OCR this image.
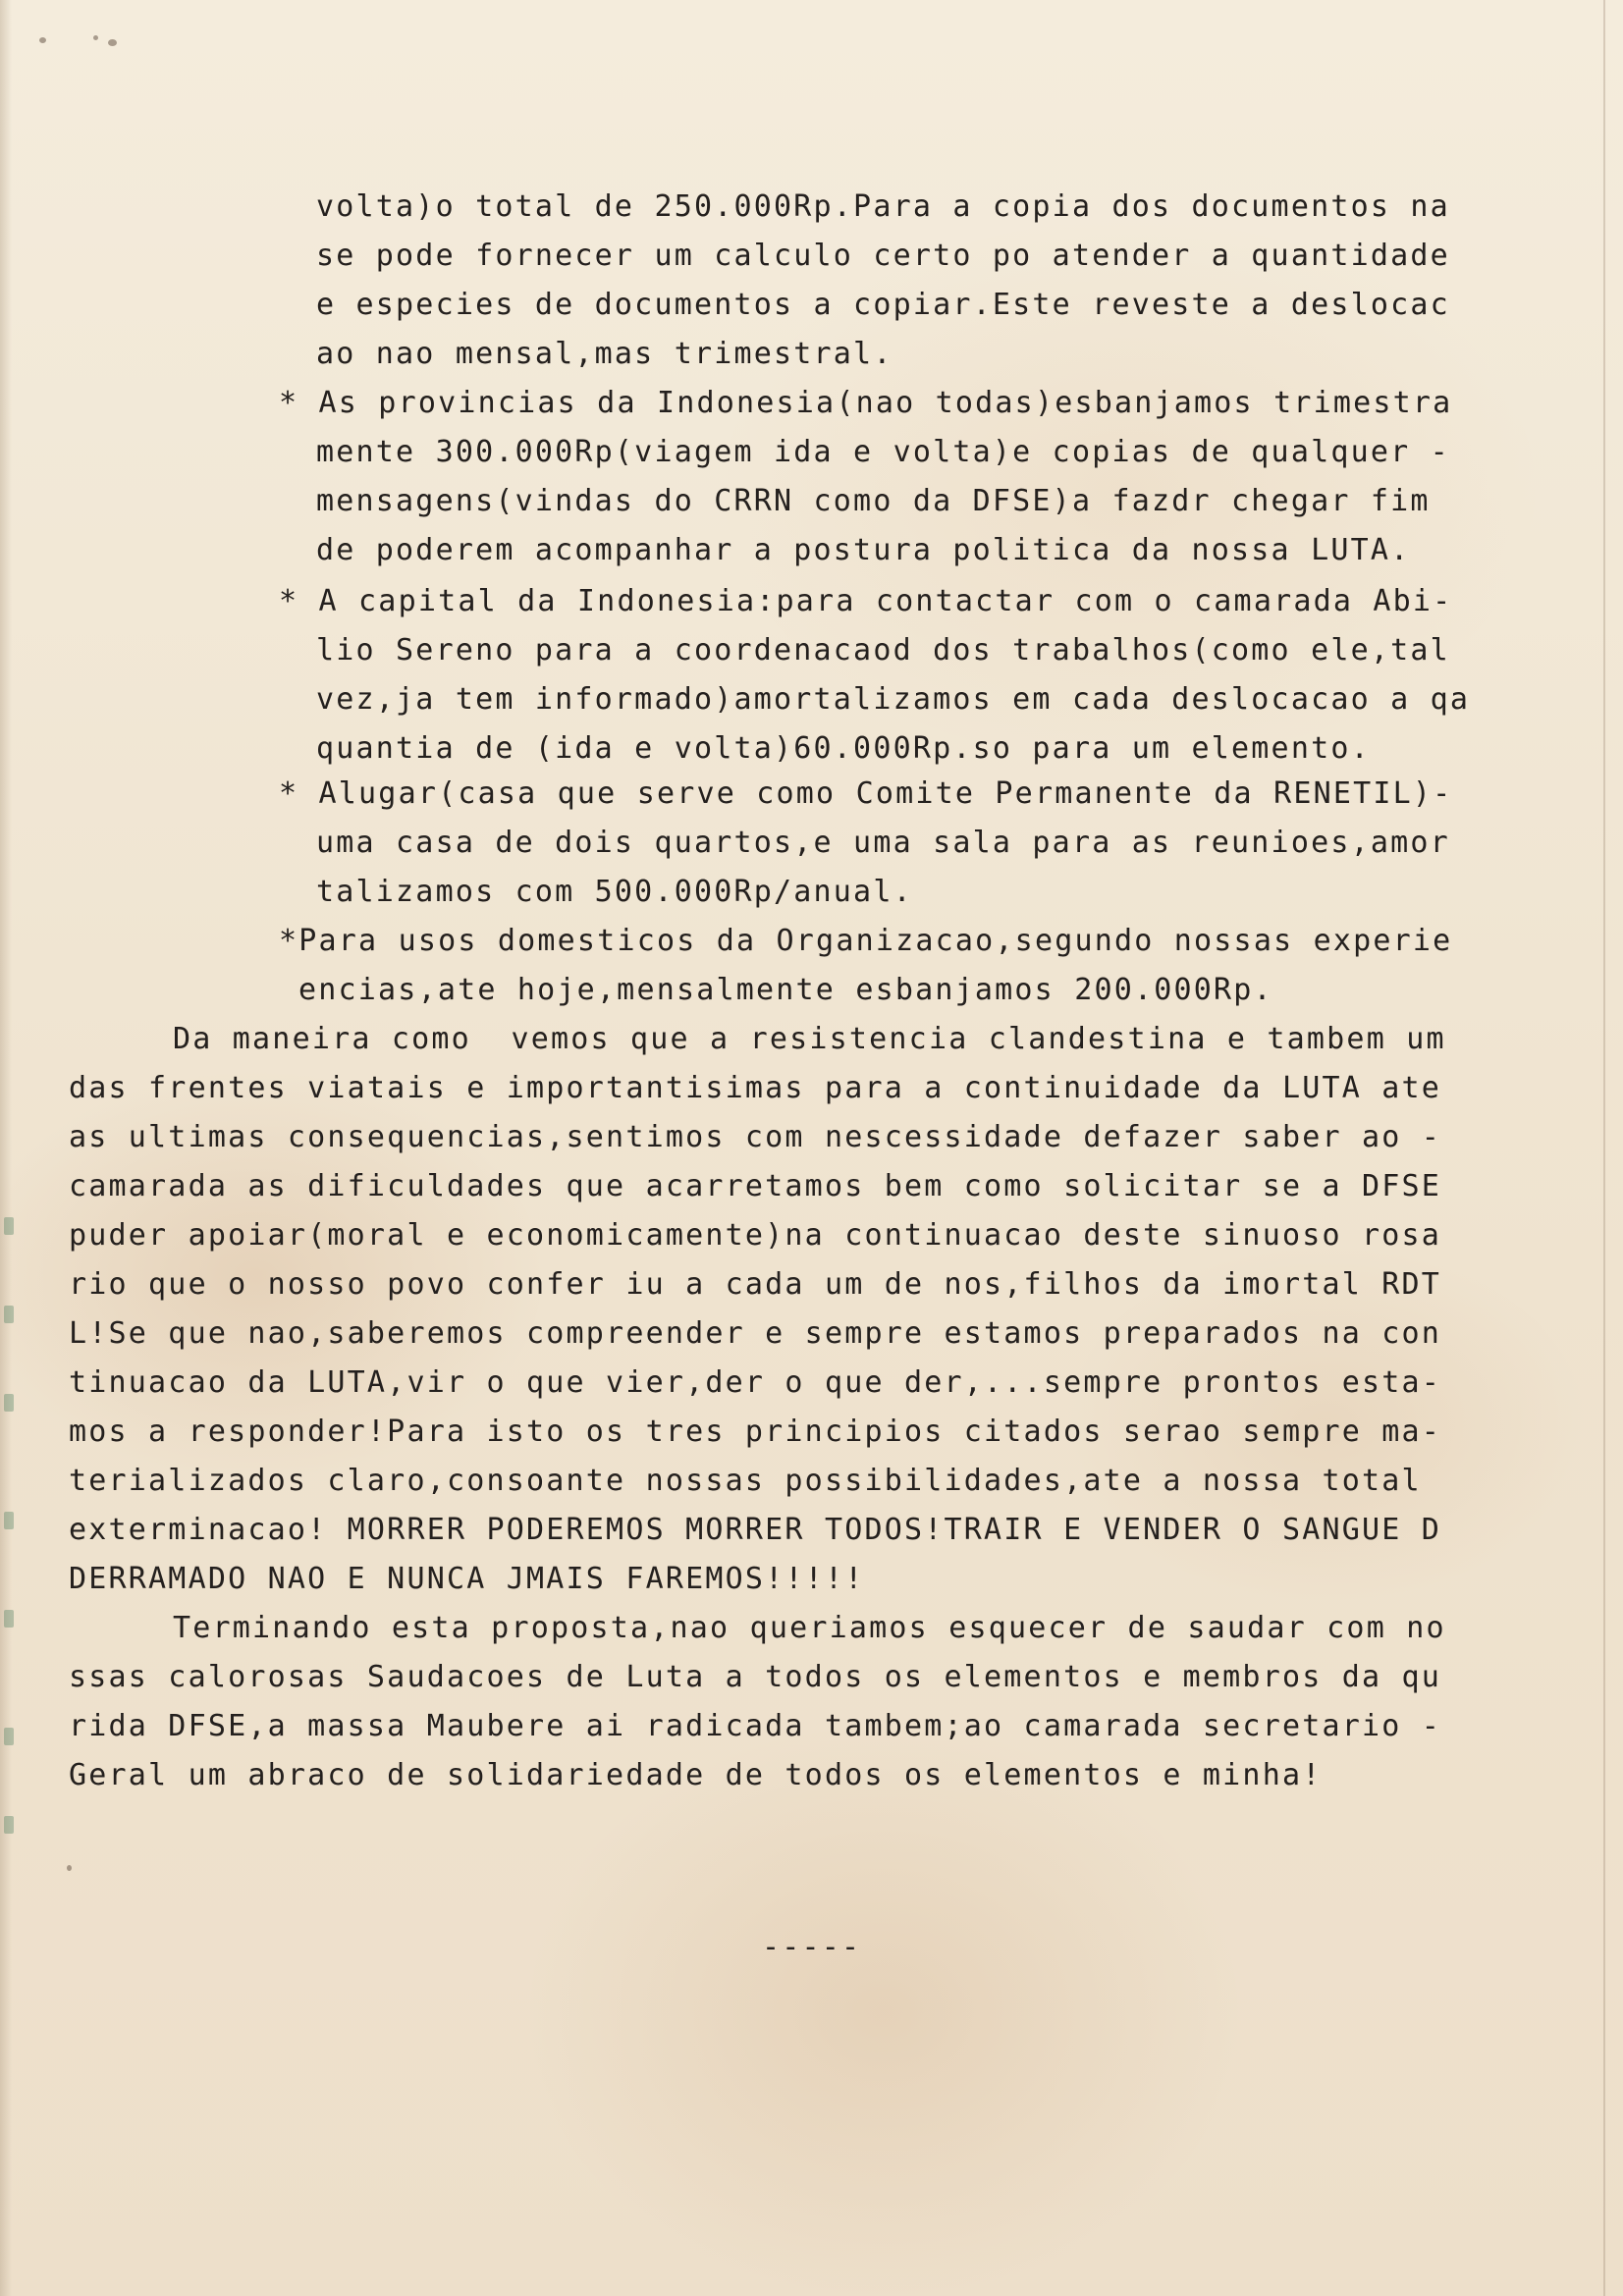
volta)o total de 250.000Rp.Para a copia dos documentos na
se pode fornecer um calculo certo po atender a quantidade
e especies de documentos a copiar.Este reveste a deslocac
ao nao mensal,mas trimestral.
* As provincias da Indonesia(nao todas)esbanjamos trimestra
mente 300.000Rp(viagem ida e volta)e copias de qualquer -
mensagens(vindas do CRRN como da DFSE)a fazdr chegar fim
de poderem acompanhar a postura politica da nossa LUTA.
* A capital da Indonesia:para contactar com o camarada Abi-
lio Sereno para a coordenacaod dos trabalhos(como ele,tal
vez,ja tem informado)amortalizamos em cada deslocacao a qa
quantia de (ida e volta)60.000Rp.so para um elemento.
* Alugar(casa que serve como Comite Permanente da RENETIL)-
uma casa de dois quartos,e uma sala para as reunioes,amor
talizamos com 500.000Rp/anual.
*Para usos domesticos da Organizacao,segundo nossas experie
encias,ate hoje,mensalmente esbanjamos 200.000Rp.
Da maneira como  vemos que a resistencia clandestina e tambem um
das frentes viatais e importantisimas para a continuidade da LUTA ate
as ultimas consequencias,sentimos com nescessidade defazer saber ao -
camarada as dificuldades que acarretamos bem como solicitar se a DFSE
puder apoiar(moral e economicamente)na continuacao deste sinuoso rosa
rio que o nosso povo confer iu a cada um de nos,filhos da imortal RDT
L!Se que nao,saberemos compreender e sempre estamos preparados na con
tinuacao da LUTA,vir o que vier,der o que der,...sempre prontos esta-
mos a responder!Para isto os tres principios citados serao sempre ma-
terializados claro,consoante nossas possibilidades,ate a nossa total
exterminacao! MORRER PODEREMOS MORRER TODOS!TRAIR E VENDER O SANGUE D
DERRAMADO NAO E NUNCA JMAIS FAREMOS!!!!!
Terminando esta proposta,nao queriamos esquecer de saudar com no
ssas calorosas Saudacoes de Luta a todos os elementos e membros da qu
rida DFSE,a massa Maubere ai radicada tambem;ao camarada secretario -
Geral um abraco de solidariedade de todos os elementos e minha!
-----
